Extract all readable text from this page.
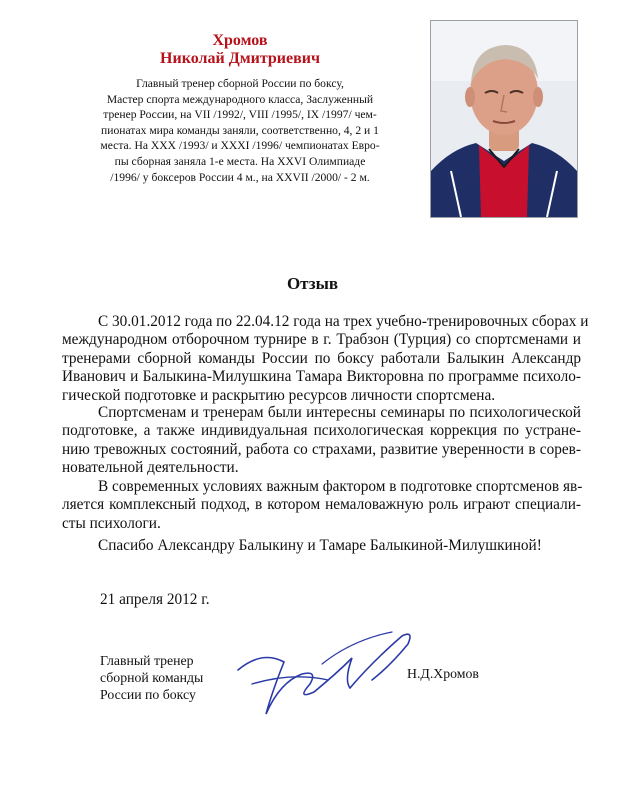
Хромов

Николай Дмитриевич

Главный тренер сборной России по боксу,
Мастер спорта международного класса, Заслуженный
тренер России, на VII /1992/, VIII /1995/, IX /1997/ чем-
пионатах мира команды заняли, соответственно, 4, 2 и 1
места. На XXX /1993/ и XXXI /1996/ чемпионатах Евро-
пы сборная заняла 1-е места. На XXVI Олимпиаде
/1996/ у боксеров России 4 м., на XXVII /2000/ - 2 м.
Отзыв
С 30.01.2012 года по 22.04.12 года на трех учебно-тренировочных сборах и
международном отборочном турнире в г. Трабзон (Турция) со спортсменами и
тренерами сборной команды России по боксу работали Балыкин Александр
Иванович и Балыкина-Милушкина Тамара Викторовна по программе психоло-
гической подготовке и раскрытию ресурсов личности спортсмена.
Спортсменам и тренерам были интересны семинары по психологической
подготовке, а также индивидуальная психологическая коррекция по устране-
нию тревожных состояний, работа со страхами, развитие уверенности в сорев-
новательной деятельности.
В современных условиях важным фактором в подготовке спортсменов яв-
ляется комплексный подход, в котором немаловажную роль играют специали-
сты психологи.
Спасибо Александру Балыкину и Тамаре Балыкиной-Милушкиной!
21 апреля 2012 г.
Главный тренер
сборной команды
России по боксу
Н.Д.Хромов
